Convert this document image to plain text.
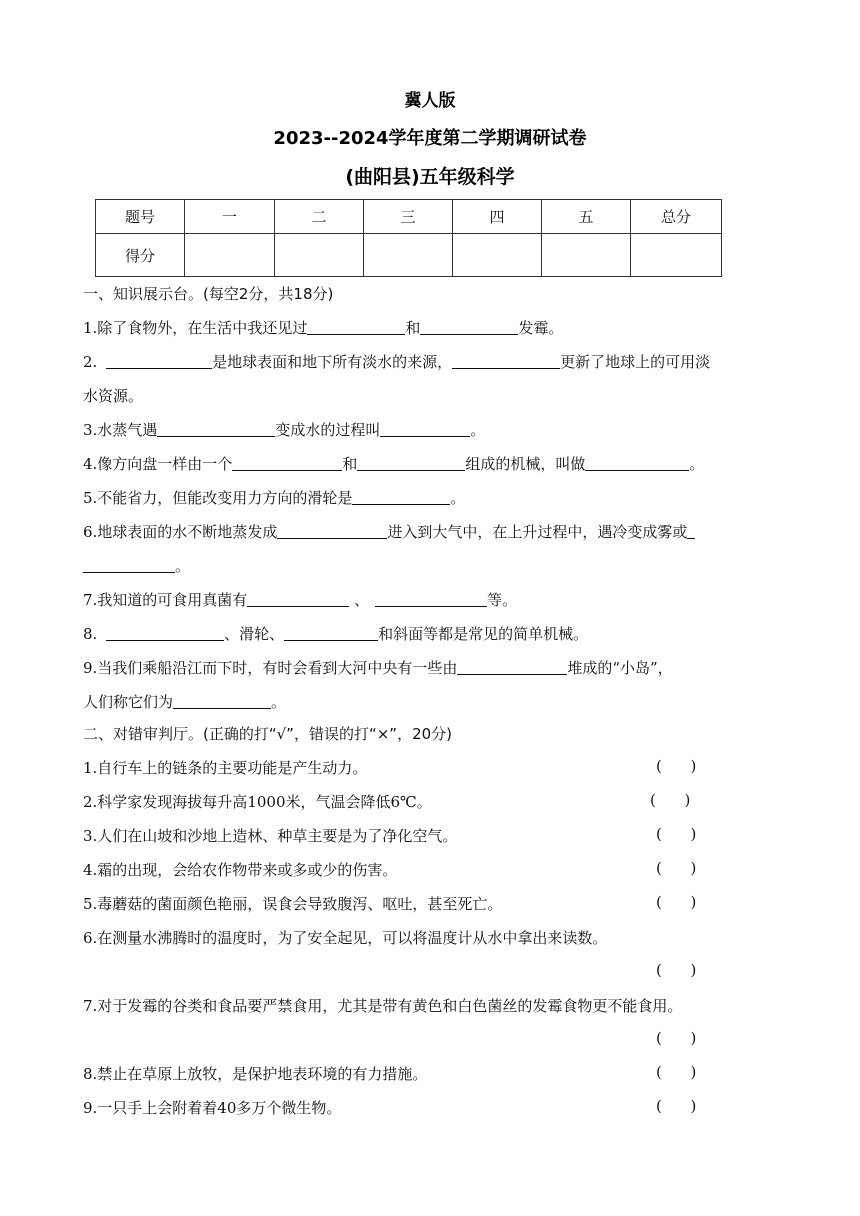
冀人版
2023--2024学年度第二学期调研试卷
(曲阳县)五年级科学
题号	一	二	三	四	五	总分
得分						
一、知识展示台。(每空2分，共18分)
1.除了食物外，在生活中我还见过	和	发霉。
2.	是地球表面和地下所有淡水的来源，	更新了地球上的可用淡
水资源。
3.水蒸气遇	变成水的过程叫	。
4.像方向盘一样由一个	和	组成的机械，叫做	。
5.不能省力，但能改变用力方向的滑轮是	。
6.地球表面的水不断地蒸发成	进入到大气中，在上升过程中，遇冷变成雾或
。
7.我知道的可食用真菌有	、	等。
8.	、滑轮、	和斜面等都是常见的简单机械。
9.当我们乘船沿江而下时，有时会看到大河中央有一些由	堆成的“小岛”，
人们称它们为	。
二、对错审判厅。(正确的打“√”，错误的打“×”，20分)
1.自行车上的链条的主要功能是产生动力。	(      )
2.科学家发现海拔每升高1000米，气温会降低6℃。	(      )
3.人们在山坡和沙地上造林、种草主要是为了净化空气。	(      )
4.霜的出现，会给农作物带来或多或少的伤害。	(      )
5.毒蘑菇的菌面颜色艳丽，误食会导致腹泻、呕吐，甚至死亡。	(      )
6.在测量水沸腾时的温度时，为了安全起见，可以将温度计从水中拿出来读数。
(      )
7.对于发霉的谷类和食品要严禁食用，尤其是带有黄色和白色菌丝的发霉食物更不能食用。
(      )
8.禁止在草原上放牧，是保护地表环境的有力措施。	(      )
9.一只手上会附着着40多万个微生物。	(      )
